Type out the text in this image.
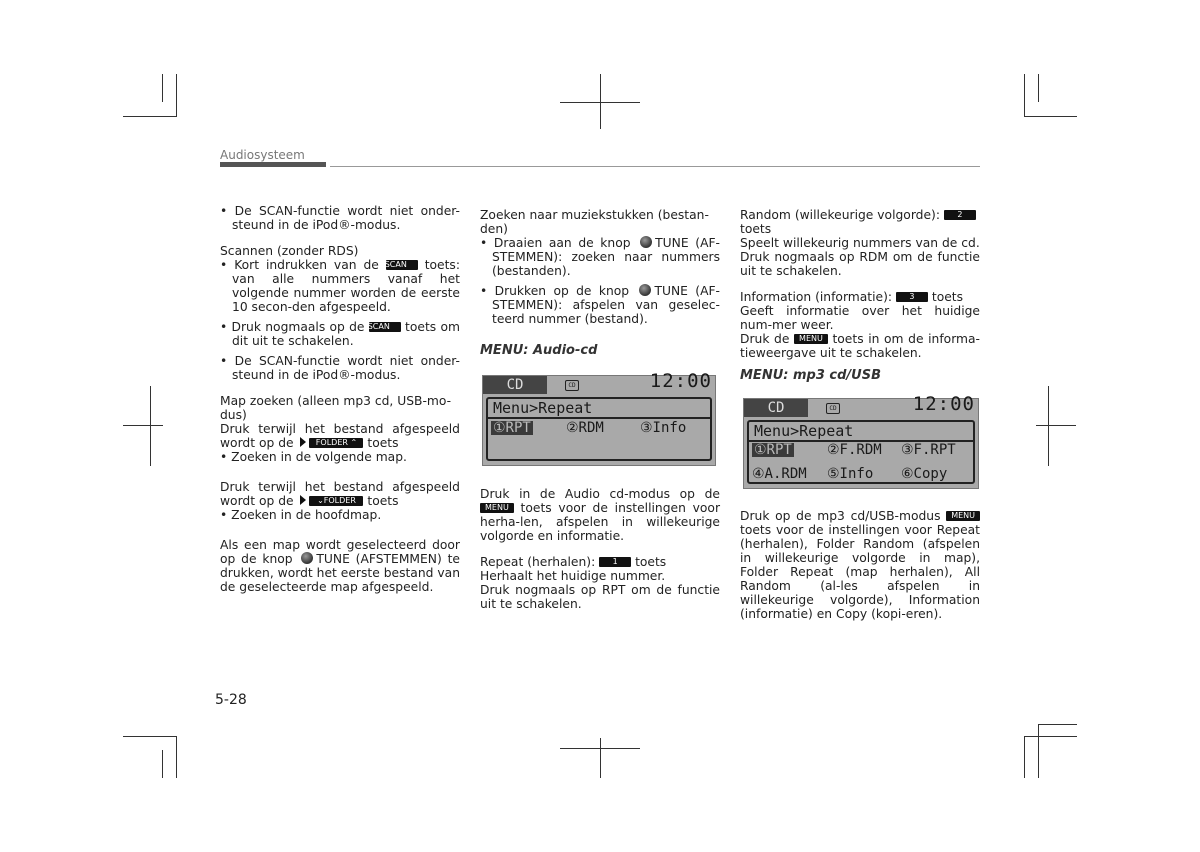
Audiosysteem

• De SCAN-functie wordt niet onder-steund in de iPod®-modus.

Scannen (zonder RDS)

• Kort indrukken van de SCAN toets: van alle nummers vanaf het volgende nummer worden de eerste 10 secon-den afgespeeld.

• Druk nogmaals op de SCAN toets om dit uit te schakelen.

• De SCAN-functie wordt niet onder-steund in de iPod®-modus.

Map zoeken (alleen mp3 cd, USB-mo-dus)

Druk terwijl het bestand afgespeeld wordt op de FOLDER ⌃ toets

• Zoeken in de volgende map.

Druk terwijl het bestand afgespeeld wordt op de ⌄FOLDER toets

• Zoeken in de hoofdmap.

Als een map wordt geselecteerd door op de knop TUNE (AFSTEMMEN) te drukken, wordt het eerste bestand van de geselecteerde map afgespeeld.

Zoeken naar muziekstukken (bestan-den)

• Draaien aan de knop TUNE (AF-STEMMEN): zoeken naar nummers (bestanden).

• Drukken op de knop TUNE (AF-STEMMEN): afspelen van geselec-teerd nummer (bestand).

MENU: Audio-cd

CD	CD	12:00
Menu>Repeat
①RPT	②RDM	③Info

Druk in de Audio cd-modus op de MENU toets voor de instellingen voor herha-len, afspelen in willekeurige volgorde en informatie.

Repeat (herhalen): 1 toets

Herhaalt het huidige nummer.

Druk nogmaals op RPT om de functie uit te schakelen.

Random (willekeurige volgorde): 2
toets

Speelt willekeurig nummers van de cd.

Druk nogmaals op RDM om de functie uit te schakelen.

Information (informatie): 3 toets

Geeft informatie over het huidige num-mer weer.

Druk de MENU toets in om de informa-tieweergave uit te schakelen.

MENU: mp3 cd/USB

CD	CD	12:00
Menu>Repeat
①RPT	②F.RDM ③F.RPT
④A.RDM ⑤Info ⑥Copy

Druk op de mp3 cd/USB-modus MENU toets voor de instellingen voor Repeat (herhalen), Folder Random (afspelen in willekeurige volgorde in map), Folder Repeat (map herhalen), All Random (al-les afspelen in willekeurige volgorde), Information (informatie) en Copy (kopi-eren).

5-28
